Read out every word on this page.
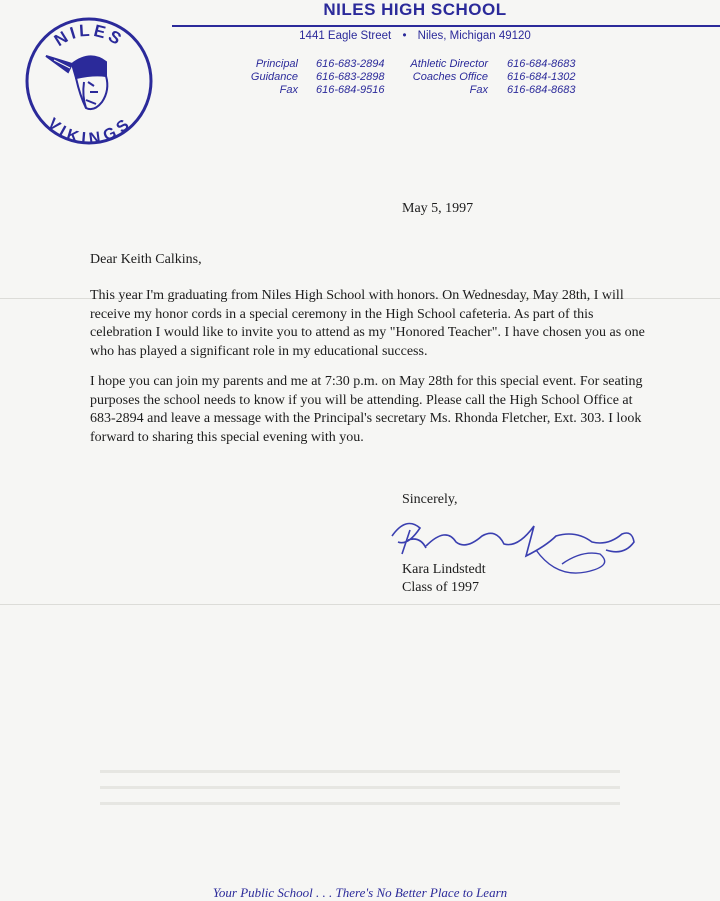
NILES
VIKINGS
NILES HIGH SCHOOL
1441 Eagle Street • Niles, Michigan 49120
Principal
Guidance
Fax
616-683-2894
616-683-2898
616-684-9516
Athletic Director
Coaches Office
Fax
616-684-8683
616-684-1302
616-684-8683
May 5, 1997
Dear Keith Calkins,
This year I'm graduating from Niles High School with honors. On Wednesday, May 28th, I will receive my honor cords in a special ceremony in the High School cafeteria. As part of this celebration I would like to invite you to attend as my "Honored Teacher". I have chosen you as one who has played a significant role in my educational success.
I hope you can join my parents and me at 7:30 p.m. on May 28th for this special event. For seating purposes the school needs to know if you will be attending. Please call the High School Office at 683-2894 and leave a message with the Principal's secretary Ms. Rhonda Fletcher, Ext. 303. I look forward to sharing this special evening with you.
Sincerely,
Kara Lindstedt
Class of 1997
Your Public School . . . There's No Better Place to Learn
